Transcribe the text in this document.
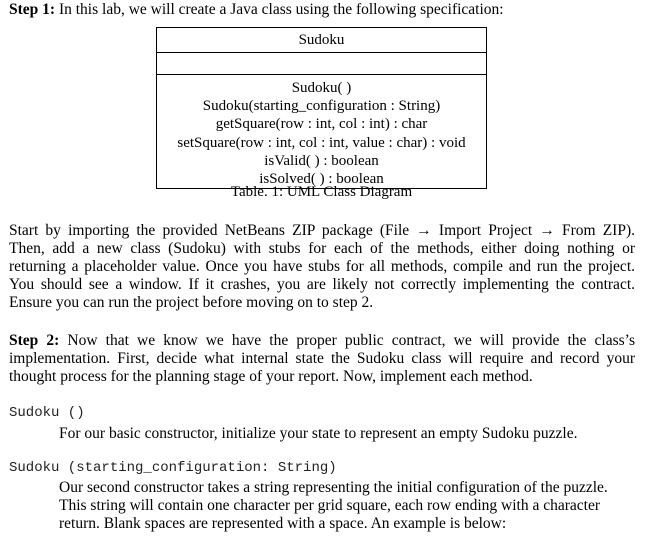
Step 1: In this lab, we will create a Java class using the following specification:
Sudoku
Sudoku( )
Sudoku(starting_configuration : String)
getSquare(row : int, col : int) : char
setSquare(row : int, col : int, value : char) : void
isValid( ) : boolean
isSolved( ) : boolean
Table. 1: UML Class Diagram
Start by importing the provided NetBeans ZIP package (File → Import Project → From ZIP).
Then, add a new class (Sudoku) with stubs for each of the methods, either doing nothing or
returning a placeholder value. Once you have stubs for all methods, compile and run the project.
You should see a window. If it crashes, you are likely not correctly implementing the contract.
Ensure you can run the project before moving on to step 2.
Step 2: Now that we know we have the proper public contract, we will provide the class’s
implementation. First, decide what internal state the Sudoku class will require and record your
thought process for the planning stage of your report. Now, implement each method.
Sudoku ()
For our basic constructor, initialize your state to represent an empty Sudoku puzzle.
Sudoku (starting_configuration: String)
Our second constructor takes a string representing the initial configuration of the puzzle.
This string will contain one character per grid square, each row ending with a character
return. Blank spaces are represented with a space. An example is below:
